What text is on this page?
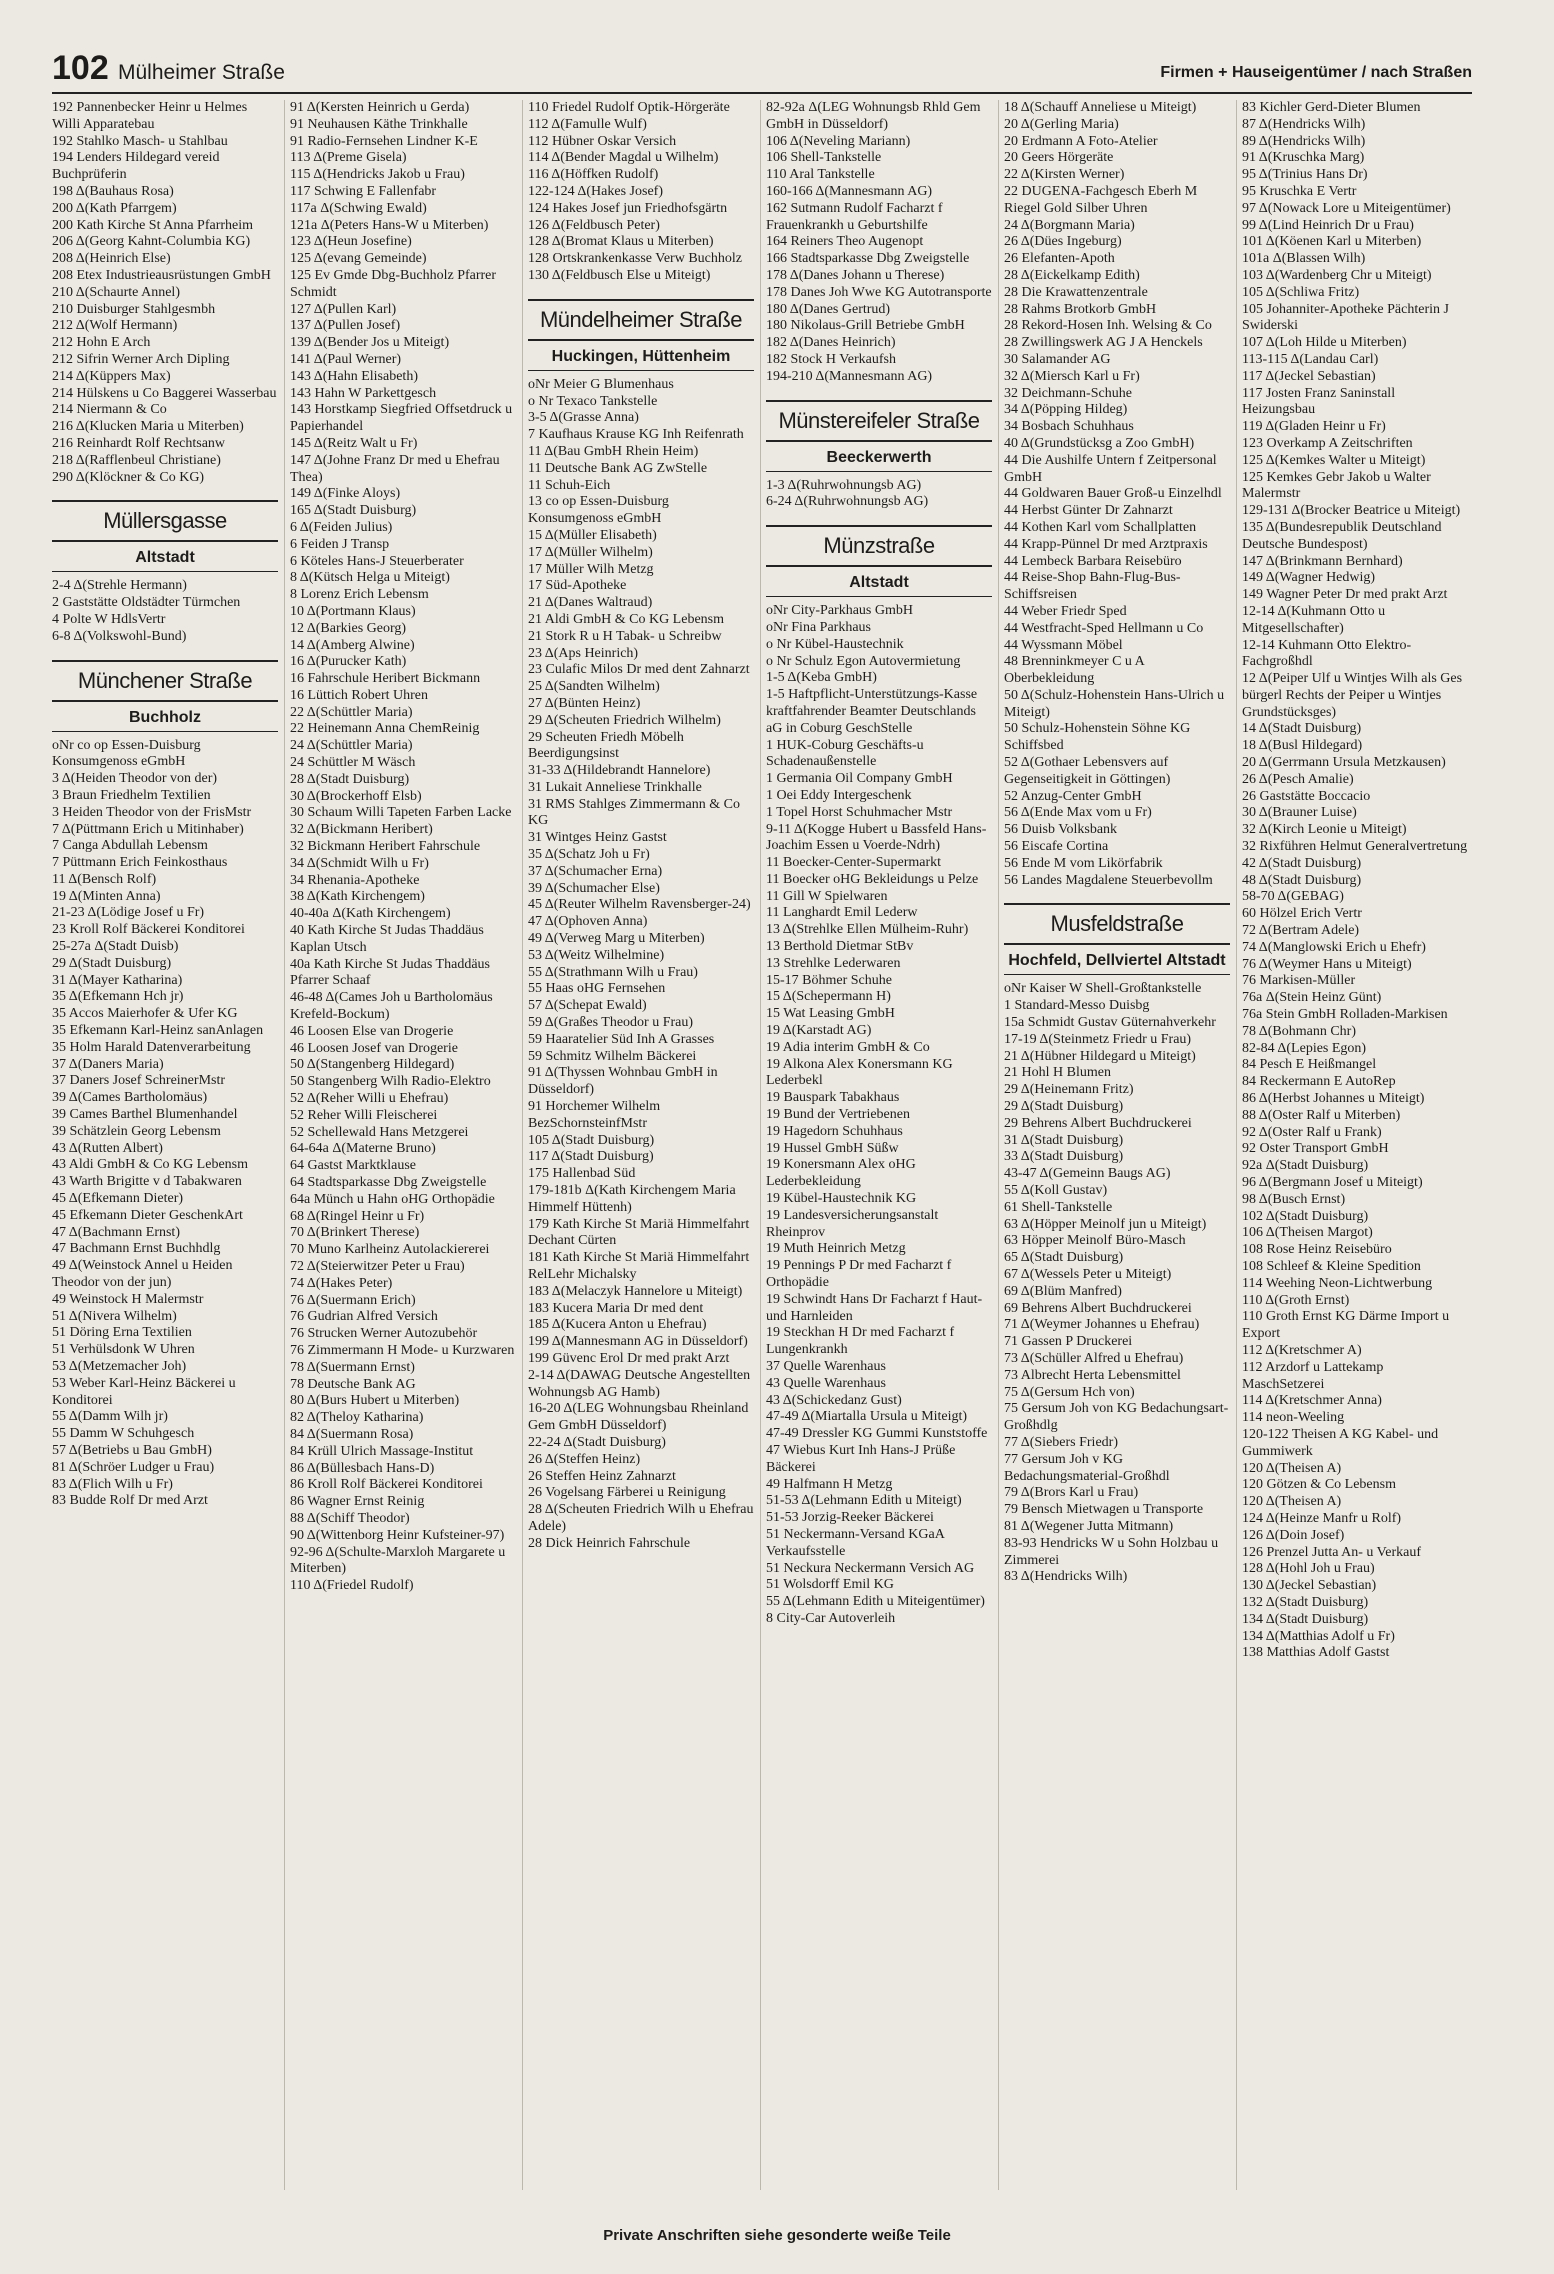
102 Mülheimer Straße	Firmen + Hauseigentümer / nach Straßen
192 Pannenbecker Heinr u Helmes Willi Apparatebau
192 Stahlko Masch- u Stahlbau
194 Lenders Hildegard vereid Buchprüferin
198 Δ(Bauhaus Rosa)
200 Δ(Kath Pfarrgem)
200 Kath Kirche St Anna Pfarrheim
206 Δ(Georg Kahnt-Columbia KG)
208 Δ(Heinrich Else)
208 Etex Industrieausrüstungen GmbH
210 Δ(Schaurte Annel)
210 Duisburger Stahlgesmbh
212 Δ(Wolf Hermann)
212 Hohn E Arch
212 Sifrin Werner Arch Dipling
214 Δ(Küppers Max)
214 Hülskens u Co Baggerei Wasserbau
214 Niermann & Co
216 Δ(Klucken Maria u Miterben)
216 Reinhardt Rolf Rechtsanw
218 Δ(Rafflenbeul Christiane)
290 Δ(Klöckner & Co KG)
Müllersgasse
Altstadt
2-4 Δ(Strehle Hermann)
2 Gaststätte Oldstädter Türmchen
4 Polte W HdlsVertr
6-8 Δ(Volkswohl-Bund)
Münchener Straße
Buchholz
oNr co op Essen-Duisburg Konsumgenoss eGmbH
3 Δ(Heiden Theodor von der)
3 Braun Friedhelm Textilien
3 Heiden Theodor von der FrisMstr
7 Δ(Püttmann Erich u Mitinhaber)
7 Canga Abdullah Lebensm
7 Püttmann Erich Feinkosthaus
11 Δ(Bensch Rolf)
19 Δ(Minten Anna)
21-23 Δ(Lödige Josef u Fr)
23 Kroll Rolf Bäckerei Konditorei
25-27a Δ(Stadt Duisb)
29 Δ(Stadt Duisburg)
31 Δ(Mayer Katharina)
35 Δ(Efkemann Hch jr)
35 Accos Maierhofer & Ufer KG
35 Efkemann Karl-Heinz sanAnlagen
35 Holm Harald Datenverarbeitung
37 Δ(Daners Maria)
37 Daners Josef SchreinerMstr
39 Δ(Cames Bartholomäus)
39 Cames Barthel Blumenhandel
39 Schätzlein Georg Lebensm
43 Δ(Rutten Albert)
43 Aldi GmbH & Co KG Lebensm
43 Warth Brigitte v d Tabakwaren
45 Δ(Efkemann Dieter)
45 Efkemann Dieter GeschenkArt
47 Δ(Bachmann Ernst)
47 Bachmann Ernst Buchhdlg
49 Δ(Weinstock Annel u Heiden Theodor von der jun)
49 Weinstock H Malermstr
51 Δ(Nivera Wilhelm)
51 Döring Erna Textilien
51 Verhülsdonk W Uhren
53 Δ(Metzemacher Joh)
53 Weber Karl-Heinz Bäckerei u Konditorei
55 Δ(Damm Wilh jr)
55 Damm W Schuhgesch
57 Δ(Betriebs u Bau GmbH)
81 Δ(Schröer Ludger u Frau)
83 Δ(Flich Wilh u Fr)
83 Budde Rolf Dr med Arzt
91 Δ(Kersten Heinrich u Gerda)
91 Neuhausen Käthe Trinkhalle
91 Radio-Fernsehen Lindner K-E
113 Δ(Preme Gisela)
115 Δ(Hendricks Jakob u Frau)
117 Schwing E Fallenfabr
117a Δ(Schwing Ewald)
121a Δ(Peters Hans-W u Miterben)
123 Δ(Heun Josefine)
125 Δ(evang Gemeinde)
125 Ev Gmde Dbg-Buchholz Pfarrer Schmidt
127 Δ(Pullen Karl)
137 Δ(Pullen Josef)
139 Δ(Bender Jos u Miteigt)
141 Δ(Paul Werner)
143 Δ(Hahn Elisabeth)
143 Hahn W Parkettgesch
143 Horstkamp Siegfried Offsetdruck u Papierhandel
145 Δ(Reitz Walt u Fr)
147 Δ(Johne Franz Dr med u Ehefrau Thea)
149 Δ(Finke Aloys)
165 Δ(Stadt Duisburg)
6 Δ(Feiden Julius)
6 Feiden J Transp
6 Köteles Hans-J Steuerberater
8 Δ(Kütsch Helga u Miteigt)
8 Lorenz Erich Lebensm
10 Δ(Portmann Klaus)
12 Δ(Barkies Georg)
14 Δ(Amberg Alwine)
16 Δ(Purucker Kath)
16 Fahrschule Heribert Bickmann
16 Lüttich Robert Uhren
22 Δ(Schüttler Maria)
22 Heinemann Anna ChemReinig
24 Δ(Schüttler Maria)
24 Schüttler M Wäsch
28 Δ(Stadt Duisburg)
30 Δ(Brockerhoff Elsb)
30 Schaum Willi Tapeten Farben Lacke
32 Δ(Bickmann Heribert)
32 Bickmann Heribert Fahrschule
34 Δ(Schmidt Wilh u Fr)
34 Rhenania-Apotheke
38 Δ(Kath Kirchengem)
40-40a Δ(Kath Kirchengem)
40 Kath Kirche St Judas Thaddäus Kaplan Utsch
40a Kath Kirche St Judas Thaddäus Pfarrer Schaaf
46-48 Δ(Cames Joh u Bartholomäus Krefeld-Bockum)
46 Loosen Else van Drogerie
46 Loosen Josef van Drogerie
50 Δ(Stangenberg Hildegard)
50 Stangenberg Wilh Radio-Elektro
52 Δ(Reher Willi u Ehefrau)
52 Reher Willi Fleischerei
52 Schellewald Hans Metzgerei
64-64a Δ(Materne Bruno)
64 Gastst Marktklause
64 Stadtsparkasse Dbg Zweigstelle
64a Münch u Hahn oHG Orthopädie
68 Δ(Ringel Heinr u Fr)
70 Δ(Brinkert Therese)
70 Muno Karlheinz Autolackiererei
72 Δ(Steierwitzer Peter u Frau)
74 Δ(Hakes Peter)
76 Δ(Suermann Erich)
76 Gudrian Alfred Versich
76 Strucken Werner Autozubehör
76 Zimmermann H Mode- u Kurzwaren
78 Δ(Suermann Ernst)
78 Deutsche Bank AG
80 Δ(Burs Hubert u Miterben)
82 Δ(Theloy Katharina)
84 Δ(Suermann Rosa)
84 Krüll Ulrich Massage-Institut
86 Δ(Büllesbach Hans-D)
86 Kroll Rolf Bäckerei Konditorei
86 Wagner Ernst Reinig
88 Δ(Schiff Theodor)
90 Δ(Wittenborg Heinr Kufsteiner-97)
92-96 Δ(Schulte-Marxloh Margarete u Miterben)
110 Δ(Friedel Rudolf)
110 Friedel Rudolf Optik-Hörgeräte
112 Δ(Famulle Wulf)
112 Hübner Oskar Versich
114 Δ(Bender Magdal u Wilhelm)
116 Δ(Höffken Rudolf)
122-124 Δ(Hakes Josef)
124 Hakes Josef jun Friedhofsgärtn
126 Δ(Feldbusch Peter)
128 Δ(Bromat Klaus u Miterben)
128 Ortskrankenkasse Verw Buchholz
130 Δ(Feldbusch Else u Miteigt)
Mündelheimer Straße
Huckingen, Hüttenheim
oNr Meier G Blumenhaus
o Nr Texaco Tankstelle
3-5 Δ(Grasse Anna)
7 Kaufhaus Krause KG Inh Reifenrath
11 Δ(Bau GmbH Rhein Heim)
11 Deutsche Bank AG ZwStelle
11 Schuh-Eich
13 co op Essen-Duisburg Konsumgenoss eGmbH
15 Δ(Müller Elisabeth)
17 Δ(Müller Wilhelm)
17 Müller Wilh Metzg
17 Süd-Apotheke
21 Δ(Danes Waltraud)
21 Aldi GmbH & Co KG Lebensm
21 Stork R u H Tabak- u Schreibw
23 Δ(Aps Heinrich)
23 Culafic Milos Dr med dent Zahnarzt
25 Δ(Sandten Wilhelm)
27 Δ(Bünten Heinz)
29 Δ(Scheuten Friedrich Wilhelm)
29 Scheuten Friedh Möbelh Beerdigungsinst
31-33 Δ(Hildebrandt Hannelore)
31 Lukait Anneliese Trinkhalle
31 RMS Stahlges Zimmermann & Co KG
31 Wintges Heinz Gastst
35 Δ(Schatz Joh u Fr)
37 Δ(Schumacher Erna)
39 Δ(Schumacher Else)
45 Δ(Reuter Wilhelm Ravensberger-24)
47 Δ(Ophoven Anna)
49 Δ(Verweg Marg u Miterben)
53 Δ(Weitz Wilhelmine)
55 Δ(Strathmann Wilh u Frau)
55 Haas oHG Fernsehen
57 Δ(Schepat Ewald)
59 Δ(Graßes Theodor u Frau)
59 Haaratelier Süd Inh A Grasses
59 Schmitz Wilhelm Bäckerei
91 Δ(Thyssen Wohnbau GmbH in Düsseldorf)
91 Horchemer Wilhelm BezSchornsteinfMstr
105 Δ(Stadt Duisburg)
117 Δ(Stadt Duisburg)
175 Hallenbad Süd
179-181b Δ(Kath Kirchengem Maria Himmelf Hüttenh)
179 Kath Kirche St Mariä Himmelfahrt Dechant Cürten
181 Kath Kirche St Mariä Himmelfahrt RelLehr Michalsky
183 Δ(Melaczyk Hannelore u Miteigt)
183 Kucera Maria Dr med dent
185 Δ(Kucera Anton u Ehefrau)
199 Δ(Mannesmann AG in Düsseldorf)
199 Güvenc Erol Dr med prakt Arzt
2-14 Δ(DAWAG Deutsche Angestellten Wohnungsb AG Hamb)
16-20 Δ(LEG Wohnungsbau Rheinland Gem GmbH Düsseldorf)
22-24 Δ(Stadt Duisburg)
26 Δ(Steffen Heinz)
26 Steffen Heinz Zahnarzt
26 Vogelsang Färberei u Reinigung
28 Δ(Scheuten Friedrich Wilh u Ehefrau Adele)
28 Dick Heinrich Fahrschule
82-92a Δ(LEG Wohnungsb Rhld Gem GmbH in Düsseldorf)
106 Δ(Neveling Mariann)
106 Shell-Tankstelle
110 Aral Tankstelle
160-166 Δ(Mannesmann AG)
162 Sutmann Rudolf Facharzt f Frauenkrankh u Geburtshilfe
164 Reiners Theo Augenopt
166 Stadtsparkasse Dbg Zweigstelle
178 Δ(Danes Johann u Therese)
178 Danes Joh Wwe KG Autotransporte
180 Δ(Danes Gertrud)
180 Nikolaus-Grill Betriebe GmbH
182 Δ(Danes Heinrich)
182 Stock H Verkaufsh
194-210 Δ(Mannesmann AG)
Münstereifeler Straße
Beeckerwerth
1-3 Δ(Ruhrwohnungsb AG)
6-24 Δ(Ruhrwohnungsb AG)
Münzstraße
Altstadt
oNr City-Parkhaus GmbH
oNr Fina Parkhaus
o Nr Kübel-Haustechnik
o Nr Schulz Egon Autovermietung
1-5 Δ(Keba GmbH)
1-5 Haftpflicht-Unterstützungs-Kasse kraftfahrender Beamter Deutschlands aG in Coburg GeschStelle
1 HUK-Coburg Geschäfts-u Schadenaußenstelle
1 Germania Oil Company GmbH
1 Oei Eddy Intergeschenk
1 Topel Horst Schuhmacher Mstr
9-11 Δ(Kogge Hubert u Bassfeld Hans-Joachim Essen u Voerde-Ndrh)
11 Boecker-Center-Supermarkt
11 Boecker oHG Bekleidungs u Pelze
11 Gill W Spielwaren
11 Langhardt Emil Lederw
13 Δ(Strehlke Ellen Mülheim-Ruhr)
13 Berthold Dietmar StBv
13 Strehlke Lederwaren
15-17 Böhmer Schuhe
15 Δ(Schepermann H)
15 Wat Leasing GmbH
19 Δ(Karstadt AG)
19 Adia interim GmbH & Co
19 Alkona Alex Konersmann KG Lederbekl
19 Bauspark Tabakhaus
19 Bund der Vertriebenen
19 Hagedorn Schuhhaus
19 Hussel GmbH Süßw
19 Konersmann Alex oHG Lederbekleidung
19 Kübel-Haustechnik KG
19 Landesversicherungsanstalt Rheinprov
19 Muth Heinrich Metzg
19 Pennings P Dr med Facharzt f Orthopädie
19 Schwindt Hans Dr Facharzt f Haut- und Harnleiden
19 Steckhan H Dr med Facharzt f Lungenkrankh
37 Quelle Warenhaus
43 Quelle Warenhaus
43 Δ(Schickedanz Gust)
47-49 Δ(Miartalla Ursula u Miteigt)
47-49 Dressler KG Gummi Kunststoffe
47 Wiebus Kurt Inh Hans-J Prüße Bäckerei
49 Halfmann H Metzg
51-53 Δ(Lehmann Edith u Miteigt)
51-53 Jorzig-Reeker Bäckerei
51 Neckermann-Versand KGaA Verkaufsstelle
51 Neckura Neckermann Versich AG
51 Wolsdorff Emil KG
55 Δ(Lehmann Edith u Miteigentümer)
8 City-Car Autoverleih
18 Δ(Schauff Anneliese u Miteigt)
20 Δ(Gerling Maria)
20 Erdmann A Foto-Atelier
20 Geers Hörgeräte
22 Δ(Kirsten Werner)
22 DUGENA-Fachgesch Eberh M Riegel Gold Silber Uhren
24 Δ(Borgmann Maria)
26 Δ(Dües Ingeburg)
26 Elefanten-Apoth
28 Δ(Eickelkamp Edith)
28 Die Krawattenzentrale
28 Rahms Brotkorb GmbH
28 Rekord-Hosen Inh. Welsing & Co
28 Zwillingswerk AG J A Henckels
30 Salamander AG
32 Δ(Miersch Karl u Fr)
32 Deichmann-Schuhe
34 Δ(Pöpping Hildeg)
34 Bosbach Schuhhaus
40 Δ(Grundstücksg a Zoo GmbH)
44 Die Aushilfe Untern f Zeitpersonal GmbH
44 Goldwaren Bauer Groß-u Einzelhdl
44 Herbst Günter Dr Zahnarzt
44 Kothen Karl vom Schallplatten
44 Krapp-Pünnel Dr med Arztpraxis
44 Lembeck Barbara Reisebüro
44 Reise-Shop Bahn-Flug-Bus-Schiffsreisen
44 Weber Friedr Sped
44 Westfracht-Sped Hellmann u Co
44 Wyssmann Möbel
48 Brenninkmeyer C u A Oberbekleidung
50 Δ(Schulz-Hohenstein Hans-Ulrich u Miteigt)
50 Schulz-Hohenstein Söhne KG Schiffsbed
52 Δ(Gothaer Lebensvers auf Gegenseitigkeit in Göttingen)
52 Anzug-Center GmbH
56 Δ(Ende Max vom u Fr)
56 Duisb Volksbank
56 Eiscafe Cortina
56 Ende M vom Likörfabrik
56 Landes Magdalene Steuerbevollm
Musfeldstraße
Hochfeld, Dellviertel Altstadt
oNr Kaiser W Shell-Großtankstelle
1 Standard-Messo Duisbg
15a Schmidt Gustav Güternahverkehr
17-19 Δ(Steinmetz Friedr u Frau)
21 Δ(Hübner Hildegard u Miteigt)
21 Hohl H Blumen
29 Δ(Heinemann Fritz)
29 Δ(Stadt Duisburg)
29 Behrens Albert Buchdruckerei
31 Δ(Stadt Duisburg)
33 Δ(Stadt Duisburg)
43-47 Δ(Gemeinn Baugs AG)
55 Δ(Koll Gustav)
61 Shell-Tankstelle
63 Δ(Höpper Meinolf jun u Miteigt)
63 Höpper Meinolf Büro-Masch
65 Δ(Stadt Duisburg)
67 Δ(Wessels Peter u Miteigt)
69 Δ(Blüm Manfred)
69 Behrens Albert Buchdruckerei
71 Δ(Weymer Johannes u Ehefrau)
71 Gassen P Druckerei
73 Δ(Schüller Alfred u Ehefrau)
73 Albrecht Herta Lebensmittel
75 Δ(Gersum Hch von)
75 Gersum Joh von KG Bedachungsart-Großhdlg
77 Δ(Siebers Friedr)
77 Gersum Joh v KG Bedachungsmaterial-Großhdl
79 Δ(Brors Karl u Frau)
79 Bensch Mietwagen u Transporte
81 Δ(Wegener Jutta Mitmann)
83-93 Hendricks W u Sohn Holzbau u Zimmerei
83 Δ(Hendricks Wilh)
83 Kichler Gerd-Dieter Blumen
87 Δ(Hendricks Wilh)
89 Δ(Hendricks Wilh)
91 Δ(Kruschka Marg)
95 Δ(Trinius Hans Dr)
95 Kruschka E Vertr
97 Δ(Nowack Lore u Miteigentümer)
99 Δ(Lind Heinrich Dr u Frau)
101 Δ(Köenen Karl u Miterben)
101a Δ(Blassen Wilh)
103 Δ(Wardenberg Chr u Miteigt)
105 Δ(Schliwa Fritz)
105 Johanniter-Apotheke Pächterin J Swiderski
107 Δ(Loh Hilde u Miterben)
113-115 Δ(Landau Carl)
117 Δ(Jeckel Sebastian)
117 Josten Franz Saninstall Heizungsbau
119 Δ(Gladen Heinr u Fr)
123 Overkamp A Zeitschriften
125 Δ(Kemkes Walter u Miteigt)
125 Kemkes Gebr Jakob u Walter Malermstr
129-131 Δ(Brocker Beatrice u Miteigt)
135 Δ(Bundesrepublik Deutschland Deutsche Bundespost)
147 Δ(Brinkmann Bernhard)
149 Δ(Wagner Hedwig)
149 Wagner Peter Dr med prakt Arzt
12-14 Δ(Kuhmann Otto u Mitgesellschafter)
12-14 Kuhmann Otto Elektro-Fachgroßhdl
12 Δ(Peiper Ulf u Wintjes Wilh als Ges bürgerl Rechts der Peiper u Wintjes Grundstücksges)
14 Δ(Stadt Duisburg)
18 Δ(Busl Hildegard)
20 Δ(Gerrmann Ursula Metzkausen)
26 Δ(Pesch Amalie)
26 Gaststätte Boccacio
30 Δ(Brauner Luise)
32 Δ(Kirch Leonie u Miteigt)
32 Rixführen Helmut Generalvertretung
42 Δ(Stadt Duisburg)
48 Δ(Stadt Duisburg)
58-70 Δ(GEBAG)
60 Hölzel Erich Vertr
72 Δ(Bertram Adele)
74 Δ(Manglowski Erich u Ehefr)
76 Δ(Weymer Hans u Miteigt)
76 Markisen-Müller
76a Δ(Stein Heinz Günt)
76a Stein GmbH Rolladen-Markisen
78 Δ(Bohmann Chr)
82-84 Δ(Lepies Egon)
84 Pesch E Heißmangel
84 Reckermann E AutoRep
86 Δ(Herbst Johannes u Miteigt)
88 Δ(Oster Ralf u Miterben)
92 Δ(Oster Ralf u Frank)
92 Oster Transport GmbH
92a Δ(Stadt Duisburg)
96 Δ(Bergmann Josef u Miteigt)
98 Δ(Busch Ernst)
102 Δ(Stadt Duisburg)
106 Δ(Theisen Margot)
108 Rose Heinz Reisebüro
108 Schleef & Kleine Spedition
114 Weehing Neon-Lichtwerbung
110 Δ(Groth Ernst)
110 Groth Ernst KG Därme Import u Export
112 Δ(Kretschmer A)
112 Arzdorf u Lattekamp MaschSetzerei
114 Δ(Kretschmer Anna)
114 neon-Weeling
120-122 Theisen A KG Kabel- und Gummiwerk
120 Δ(Theisen A)
120 Götzen & Co Lebensm
120 Δ(Theisen A)
124 Δ(Heinze Manfr u Rolf)
126 Δ(Doin Josef)
126 Prenzel Jutta An- u Verkauf
128 Δ(Hohl Joh u Frau)
130 Δ(Jeckel Sebastian)
132 Δ(Stadt Duisburg)
134 Δ(Stadt Duisburg)
134 Δ(Matthias Adolf u Fr)
138 Matthias Adolf Gastst
Private Anschriften siehe gesonderte weiße Teile
